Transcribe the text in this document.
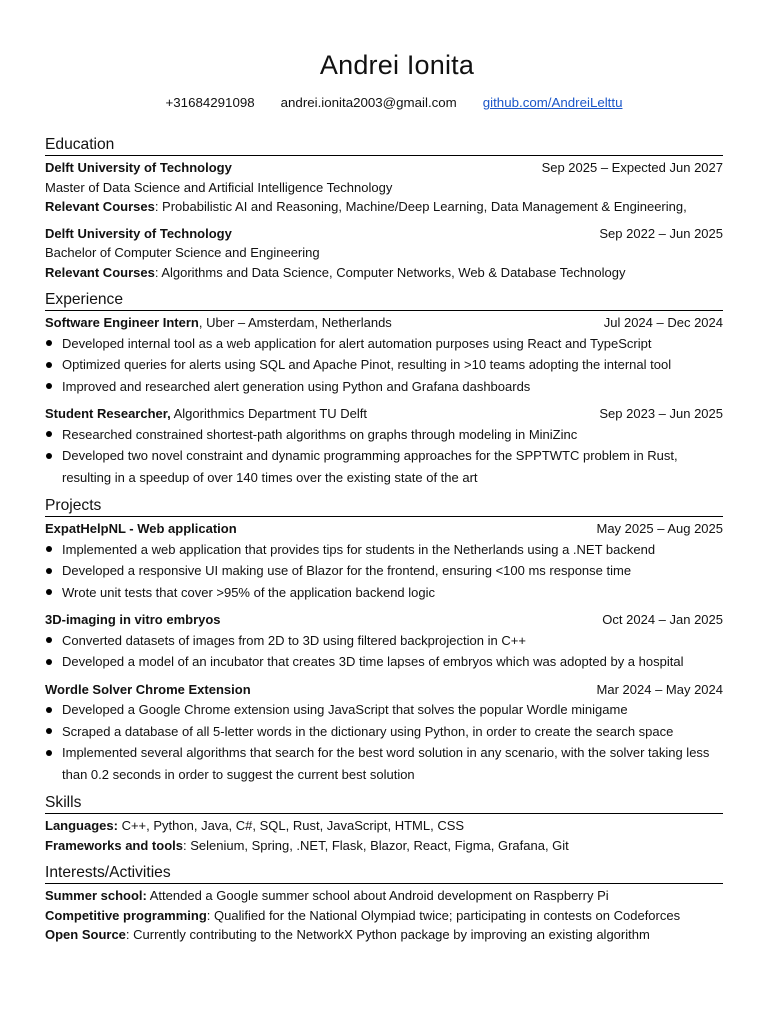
Andrei Ionita
+31684291098 andrei.ionita2003@gmail.com github.com/AndreiLelttu
Education
Delft University of Technology	Sep 2025 – Expected Jun 2027
Master of Data Science and Artificial Intelligence Technology
Relevant Courses: Probabilistic AI and Reasoning, Machine/Deep Learning, Data Management & Engineering,
Delft University of Technology	Sep 2022 – Jun 2025
Bachelor of Computer Science and Engineering
Relevant Courses: Algorithms and Data Science, Computer Networks, Web & Database Technology
Experience
Software Engineer Intern, Uber – Amsterdam, Netherlands	Jul 2024 – Dec 2024
Developed internal tool as a web application for alert automation purposes using React and TypeScript
Optimized queries for alerts using SQL and Apache Pinot, resulting in >10 teams adopting the internal tool
Improved and researched alert generation using Python and Grafana dashboards
Student Researcher, Algorithmics Department TU Delft	Sep 2023 – Jun 2025
Researched constrained shortest-path algorithms on graphs through modeling in MiniZinc
Developed two novel constraint and dynamic programming approaches for the SPPTWTC problem in Rust, resulting in a speedup of over 140 times over the existing state of the art
Projects
ExpatHelpNL - Web application	May 2025 – Aug 2025
Implemented a web application that provides tips for students in the Netherlands using a .NET backend
Developed a responsive UI making use of Blazor for the frontend, ensuring <100 ms response time
Wrote unit tests that cover >95% of the application backend logic
3D-imaging in vitro embryos	Oct 2024 – Jan 2025
Converted datasets of images from 2D to 3D using filtered backprojection in C++
Developed a model of an incubator that creates 3D time lapses of embryos which was adopted by a hospital
Wordle Solver Chrome Extension	Mar 2024 – May 2024
Developed a Google Chrome extension using JavaScript that solves the popular Wordle minigame
Scraped a database of all 5-letter words in the dictionary using Python, in order to create the search space
Implemented several algorithms that search for the best word solution in any scenario, with the solver taking less than 0.2 seconds in order to suggest the current best solution
Skills
Languages: C++, Python, Java, C#, SQL, Rust, JavaScript, HTML, CSS
Frameworks and tools: Selenium, Spring, .NET, Flask, Blazor, React, Figma, Grafana, Git
Interests/Activities
Summer school: Attended a Google summer school about Android development on Raspberry Pi
Competitive programming: Qualified for the National Olympiad twice; participating in contests on Codeforces
Open Source: Currently contributing to the NetworkX Python package by improving an existing algorithm
